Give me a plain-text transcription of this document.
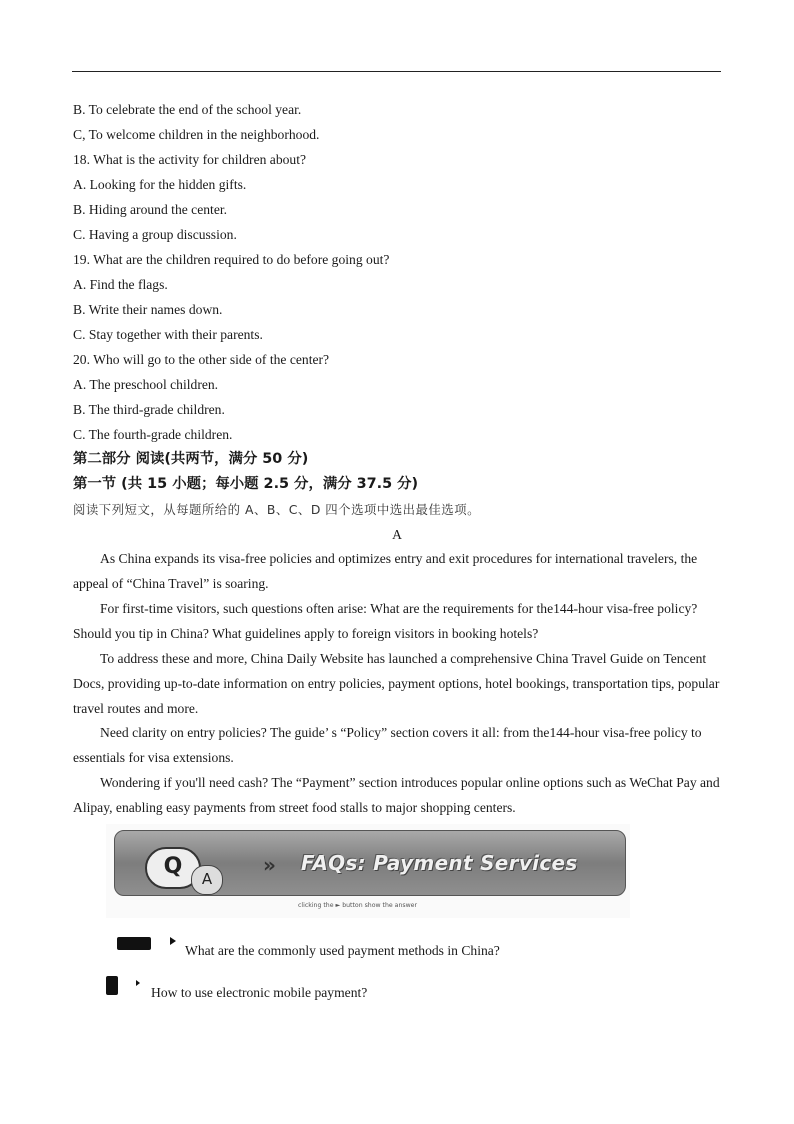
B. To celebrate the end of the school year.
C, To welcome children in the neighborhood.
18. What is the activity for children about?
A. Looking for the hidden gifts.
B. Hiding around the center.
C. Having a group discussion.
19. What are the children required to do before going out?
A. Find the flags.
B. Write their names down.
C. Stay together with their parents.
20. Who will go to the other side of the center?
A. The preschool children.
B. The third-grade children.
C. The fourth-grade children.
第二部分 阅读(共两节，满分 50 分)
第一节 (共 15 小题；每小题 2.5 分，满分 37.5 分)
阅读下列短文，从每题所给的 A、B、C、D 四个选项中选出最佳选项。
A
As China expands its visa-free policies and optimizes entry and exit procedures for international travelers, the appeal of “China Travel” is soaring.
For first-time visitors, such questions often arise: What are the requirements for the144-hour visa-free policy? Should you tip in China? What guidelines apply to foreign visitors in booking hotels?
To address these and more, China Daily Website has launched a comprehensive China Travel Guide on Tencent Docs, providing up-to-date information on entry policies, payment options, hotel bookings, transportation tips, popular travel routes and more.
Need clarity on entry policies? The guide’ s “Policy” section covers it all: from the144-hour visa-free policy to essentials for visa extensions.
Wondering if you'll need cash? The “Payment” section introduces popular online options such as WeChat Pay and Alipay, enabling easy payments from street food stalls to major shopping centers.
Q	A
» FAQs: Payment Services
clicking the ► button show the answer
What are the commonly used payment methods in China?
How to use electronic mobile payment?
